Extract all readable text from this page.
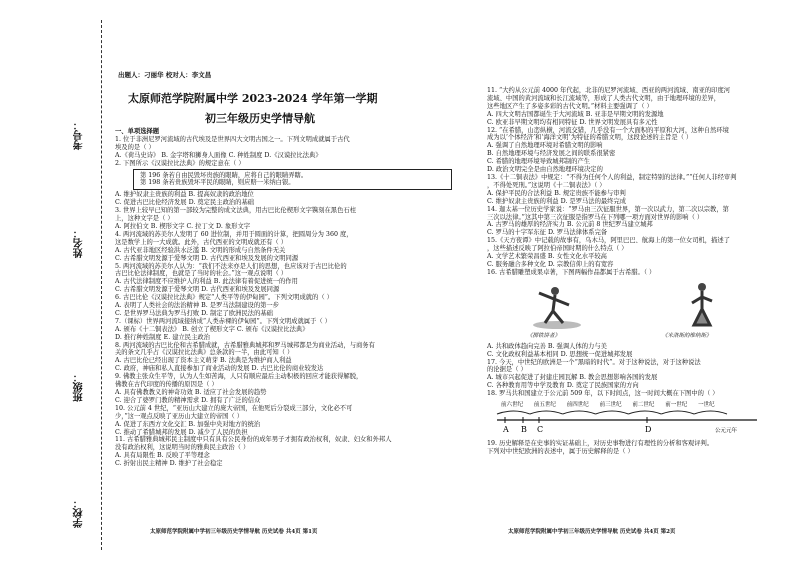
考号：
姓名：
班级：
学校：
出题人：刁丽华 校对人：李文昌
太原师范学院附属中学 2023-2024 学年第一学期
初三年级历史学情导航

一、单项选择题

1. 位于非洲尼罗河流域的古代埃及是世界四大文明古国之一。下列文明成就属于古代

埃及的是（ ）

A.《荷马史诗》 B. 金字塔和狮身人面像 C. 种姓制度 D.《汉谟拉比法典》

2. 下图所示《汉谟拉比法典》的规定意在（ ）

第 196 条若自由民毁坏贵族的眼睛，应将自己的眼睛弄瞎。

第 198 条若贵族毁坏平民的眼睛，则应赔一米纳白银。

A. 维护奴隶主贵族的利益 B. 提高奴隶的政治地位

C. 促进古巴比伦经济发展 D. 奠定民主政治的基础

3. 世界上较早已知的第一部较为完整的成文法典，用古巴比伦楔形文字镌刻在黑色石柱

上，这种文字是（ ）

A. 阿拉伯文 B. 楔形文字 C. 拉丁文 D. 象形文字

4. 两河流域的苏美尔人发明了 60 进位制，并用于圆面的计算，把圆周分为 360 度，

这是数学上的一大成就。此外，古代西亚的文明成就还有（ ）

A. 古代亚非地区经验洪水泛滥 B. 文明的形成与自然条件无关

C. 古希腊文明发源于爱琴文明 D. 古代西亚和埃及发展的文明同源

5. 两河流域的苏美尔人认为：“我们不法来亦是人们的思想，也应该对于古巴比伦的

古巴比伦法律制度，也就是了当时的社会。”这一观点说明（ ）

A. 古代法律制度不应维护人的利益 B. 此法律有着促进统一的作用

C. 古希腊文明发源于爱琴文明 D. 古代西亚和埃及发展同源

6. 古巴比伦《汉谟拉比法典》规定“人类平等的伊甸园”。下列文明成就的（ ）

A. 表明了人类社会的法治精神 B. 是罗马法制建设的第一步

C. 是世界罗马法典为罗马打败 D. 制定了欧洲民法的基础

7.（课标）世界两河流域接纳成“人类赤裸的伊甸园”。下列文明成就属于（ ）

A. 颁布《十二铜表法》 B. 创立了楔形文字 C. 颁布《汉谟拉比法典》

D. 推行种姓制度 E. 建立民主政治

8. 两河流域的古巴比伦和古希腊成就，古希腊雅典城邦和罗马城邦都是为商业活动，与商务有

关的条文几乎占《汉谟拉比法典》总条款的一半，由此可知（ ）

A. 古巴比伦已经出现了资本主义萌芽 B. 法典是为维护商人利益

C. 政府，神庙和私人直接参加了商业活动的发展 D. 古巴比伦的商业较发达

9. 佛教主张众生平等，认为人生如苦海，人只有顺应最后主动积极的回应才能获得解脱，

佛教在古代印度的传播的原因是（ ）

A. 具有佛教教义的神奇功效 B. 适应了社会发展的趋势

C. 迎合了婆罗门教的精神需求 D. 拥有了广泛的信众

10. 公元前 4 世纪，“亚历山大建立的庞大帝国，在他死后分裂成三部分，文化必不可

少，”这一观点反映了亚历山大建立的帝国（ ）

A. 促进了东西方文化交汇 B. 加强中央对地方的统治

C. 推动了希腊城邦的发展 D. 减少了人民的负担

11. 古希腊雅典城邦民主制度中只有具有公民身份的成年男子才拥有政治权利，奴隶、妇女和外邦人

没有政治权利，这说明当时的雅典民主政治（ ）

A. 具有局限性 B. 反映了平等理念

C. 折射出民主精神 D. 维护了社会稳定

太原师范学院附属中学初三年级历史学情导航 历史试卷 共4页 第1页

11. “大约从公元前 4000 年代起，北非的尼罗河流域、西亚的两河流域、南亚的印度河

流域、中国的黄河流域和长江流域等，形成了人类古代文明，由于地理环境的差异，

这些地区产生了多姿多彩的古代文明。”材料主要强调了（ ）

A. 四大文明古国都诞生于大河流域 B. 亚非是早期文明的发源地

C. 欧亚非早期文明均有相同特征 D. 世界文明发展具有多元性

12. “在希腊，山峦纵横，河流交错，几乎没有一个大面积的平原和大河，这种自然环境

成为以‘个体经济’和‘海洋文明’为特征的希腊文明，这段论述的主旨是（ ）

A. 强调了自然地理环境对希腊文明的影响

B. 自然地理环境与经济发展之间的联系很紧密

C. 希腊的地理环境导致城邦制的产生

D. 政治文明完全是由自然地理环境决定的

13.《十二铜表法》中规定：“不得为任何个人的利益，制定特别的法律。”“任何人非经审判

，不得处死刑。”这说明《十二铜表法》（ ）

A. 保护平民的合法利益 B. 规定贵族不能参与审判

C. 维护奴隶主贵族的利益 D. 是罗马法的最终完成

14. 迦太基一位历史学家说：“罗马由三次征服世界，第一次以武力，第二次以宗教，第

三次以法律。”这其中第三次征服是指罗马在下列哪一项方面对世界的影响（ ）

A. 古罗马的雄厚的经济实力 B. 公元前 8 世纪罗马建立城邦

C. 罗马的十字军东征 D. 罗马法律体系完备

15.《天方夜谭》中记载的故事有，乌木马，阿里巴巴、航海上的第一位女司机，描述了

，这些描述反映了阿拉伯帝国时期的什么特点（ ）

A. 文学艺术繁荣昌盛 B. 女性文化水平较高

C. 服务融合多种文化 D. 宗教信仰上的有宽容

16. 古希腊雕塑成果卓著，下图两幅作品都属于古希腊。（ ）

《掷铁饼者》	《米洛斯的维纳斯》

A. 共和政体趋向完善 B. 强调人体的力与美

C. 文化政权利益基本相同 D. 思想统一促进城邦发展

17. 今天，中世纪的欧洲是一个“黑暗的时代”。对于这种说法，对于这种说法

的论据是（ ）

A. 城市兴起促进了封建庄园瓦解 B. 教会思想影响各国的发展

C. 各种教育用等中学及教育 D. 奠定了民族国家的方向

18. 罗马共和国建立于公元前 509 年，以下时间点，这一时间大概在下图中的（ ）

前六世纪 前五世纪 前四世纪 前三世纪 前二世纪 前一世纪 一世纪
A B C	D	公元元年

19. 历史解释是在史事的实证基础上，对历史事物进行有理性的分析和客观评判。

下列对中世纪欧洲的表述中，属于历史解释的是（ ）

太原师范学院附属中学初三年级历史学情导航 历史试卷 共4页 第2页
